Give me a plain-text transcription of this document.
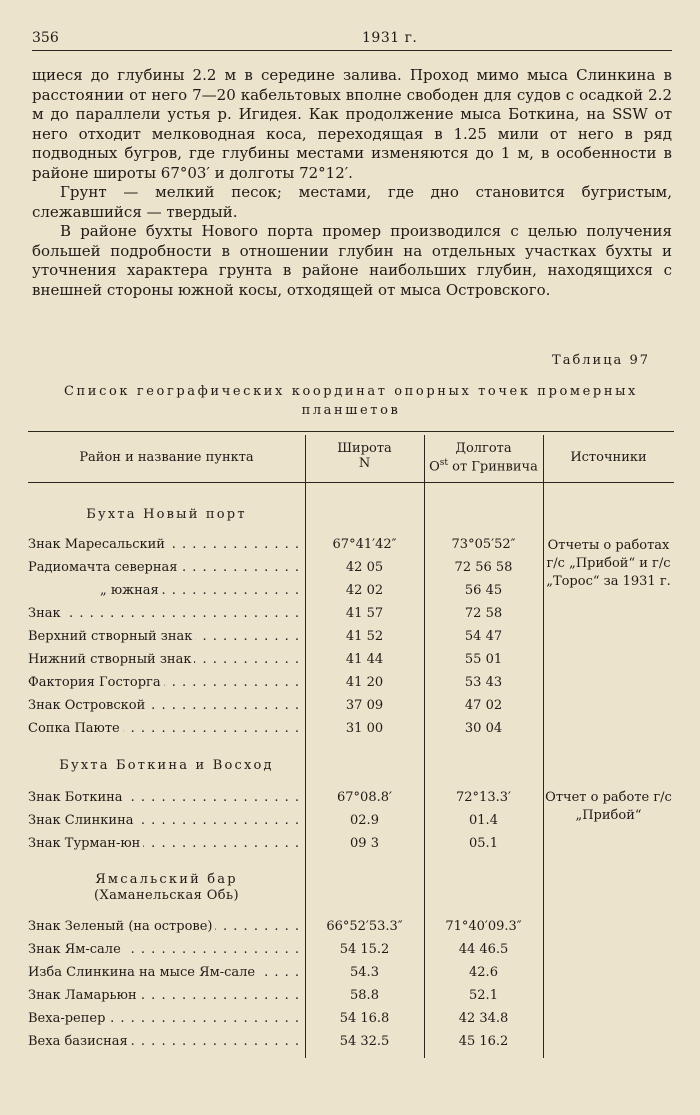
356	1931 г.

щиеся до глубины 2.2 м в середине залива. Проход мимо мыса Слинкина в расстоянии от него 7—20 кабельтовых вполне свободен для судов с осадкой 2.2 м до параллели устья р. Игидея. Как продолжение мыса Боткина, на SSW от него отходит мелководная коса, переходящая в 1.25 мили от него в ряд подводных бугров, где глубины местами изменяются до 1 м, в особенности в районе широты 67°03′ и долготы 72°12′.

Грунт — мелкий песок; местами, где дно становится бугристым, слежавшийся — твердый.

В районе бухты Нового порта промер производился с целью получения большей подробности в отношении глубин на отдельных участках бухты и уточнения характера грунта в районе наибольших глубин, находящихся с внешней стороны южной косы, отходящей от мыса Островского.

Таблица 97
Список географических координат опорных точек промерных планшетов
Район и название пункта
Широта
N
Долгота
$O^{st}$ от Гринвича
Источники
Бухта Новый порт
Отчеты о работах г/с „Прибой“ и г/с „Торос“ за 1931 г.
Знак Маресальский . . .	67°41′42″	73°05′52″
Радиомачта северная . . .	42 05	72 56 58
„ южная . . .	42 02	56 45
Знак . . .	41 57	72 58
Верхний створный знак . . .	41 52	54 47
Нижний створный знак . . .	41 44	55 01
Фактория Госторга . . .	41 20	53 43
Знак Островской . . .	37 09	47 02
Сопка Паюте . . .	31 00	30 04
Бухта Боткина и Восход
Отчет о работе г/с „Прибой“
Знак Боткина . . .	67°08.8′	72°13.3′
Знак Слинкина . . .	02.9	01.4
Знак Турман-юн . . .	09 3	05.1
Ямсальский бар
(Хаманельская Обь)
Знак Зеленый (на острове) . . .	66°52′53.3″	71°40′09.3″
Знак Ям-сале . . .	54 15.2	44 46.5
Изба Слинкина на мысе Ям-сале . . .	54.3	42.6
Знак Ламарьюн . . .	58.8	52.1
Веха-репер . . .	54 16.8	42 34.8
Веха базисная . . .	54 32.5	45 16.2
